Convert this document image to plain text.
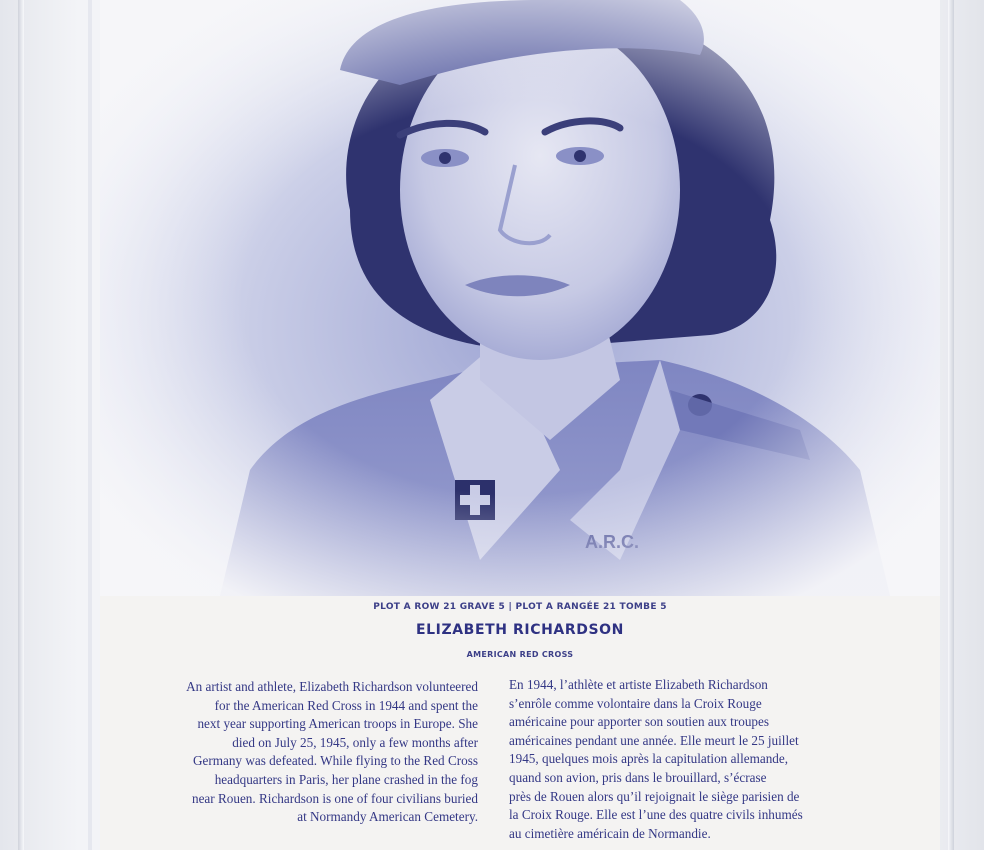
PLOT A ROW 21 GRAVE 5 | PLOT A RANGÉE 21 TOMBE 5
ELIZABETH RICHARDSON
AMERICAN RED CROSS
An artist and athlete, Elizabeth Richardson volunteered
for the American Red Cross in 1944 and spent the
next year supporting American troops in Europe. She
died on July 25, 1945, only a few months after
Germany was defeated. While flying to the Red Cross
headquarters in Paris, her plane crashed in the fog
near Rouen. Richardson is one of four civilians buried
at Normandy American Cemetery.
En 1944, l’athlète et artiste Elizabeth Richardson
s’enrôle comme volontaire dans la Croix Rouge
américaine pour apporter son soutien aux troupes
américaines pendant une année. Elle meurt le 25 juillet
1945, quelques mois après la capitulation allemande,
quand son avion, pris dans le brouillard, s’écrase
près de Rouen alors qu’il rejoignait le siège parisien de
la Croix Rouge. Elle est l’une des quatre civils inhumés
au cimetière américain de Normandie.
